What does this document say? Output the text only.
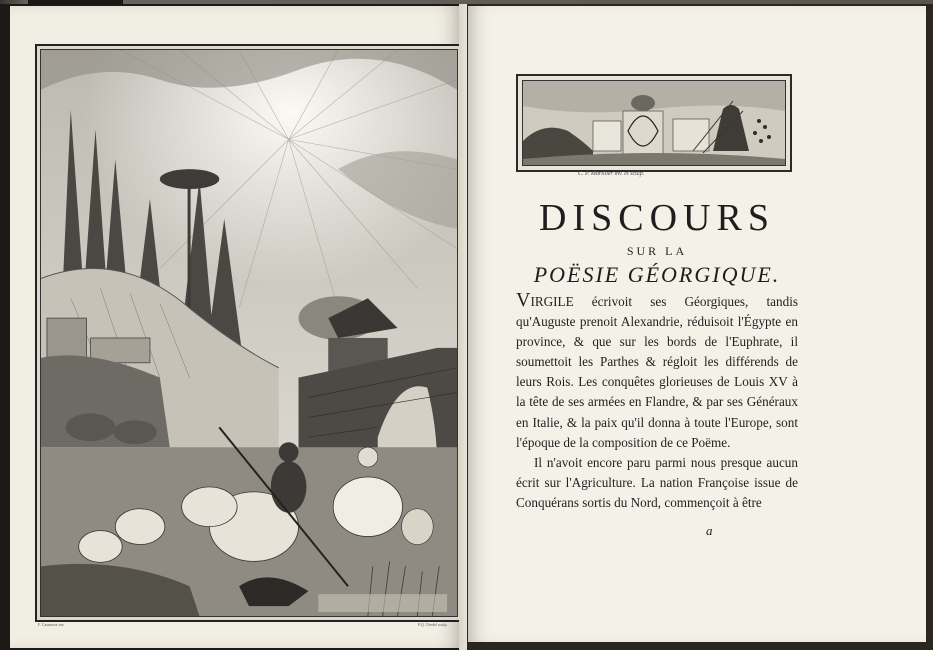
F. Casanova inv.	P.Q. Chedel sculp.
C. P. Marillier inv. et sculp.
DISCOURS
SUR LA
POËSIE GÉORGIQUE.

VIRGILE écrivoit ses Géorgiques, tandis qu'Auguste prenoit Alexandrie, réduisoit l'Égypte en province, & que sur les bords de l'Euphrate, il soumettoit les Parthes & régloit les différends de leurs Rois. Les conquêtes glorieuses de Louis XV à la tête de ses armées en Flandre, & par ses Généraux en Italie, & la paix qu'il donna à toute l'Europe, sont l'époque de la composition de ce Poëme.

Il n'avoit encore paru parmi nous presque aucun écrit sur l'Agriculture. La nation Françoise issue de Conquérans sortis du Nord, commençoit à être

a
